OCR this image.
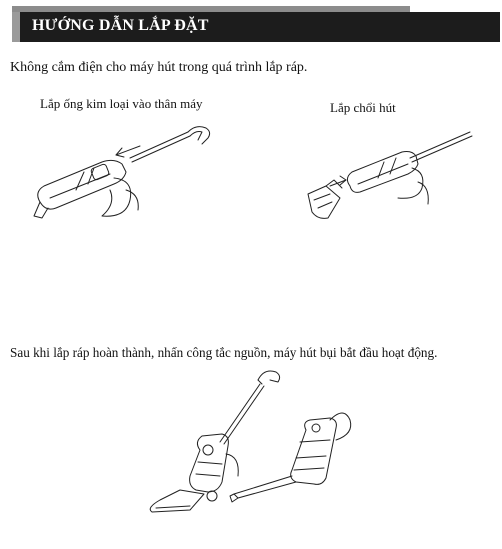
HƯỚNG DẪN LẮP ĐẶT
Không cắm điện cho máy hút trong quá trình lắp ráp.
Lắp ống kim loại vào thân máy	Lắp chổi hút
Sau khi lắp ráp hoàn thành, nhấn công tắc nguồn, máy hút bụi bắt đầu hoạt động.
